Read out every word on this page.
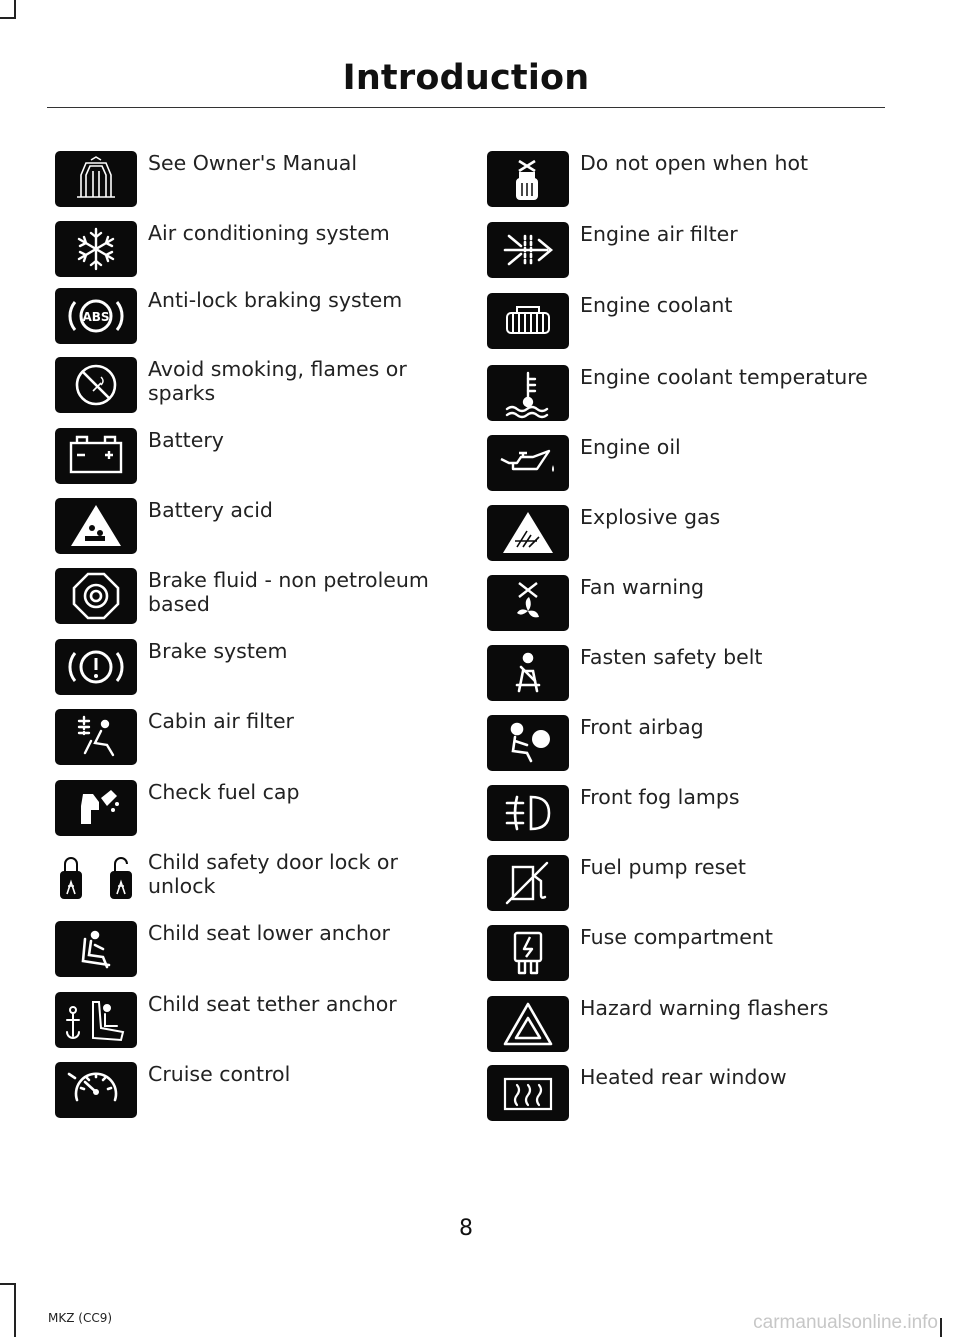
Introduction
See Owner's Manual
Air conditioning system
ABS
Anti-lock braking system
Avoid smoking, flames or
sparks
Battery
Battery acid
Brake fluid - non petroleum
based
Brake system
Cabin air filter
Check fuel cap
Child safety door lock or
unlock
Child seat lower anchor
Child seat tether anchor
Cruise control
Do not open when hot
Engine air filter
Engine coolant
Engine coolant temperature
Engine oil
Explosive gas
Fan warning
Fasten safety belt
Front airbag
Front fog lamps
Fuel pump reset
Fuse compartment
Hazard warning flashers
Heated rear window
8
MKZ (CC9)	carmanualsonline.info
